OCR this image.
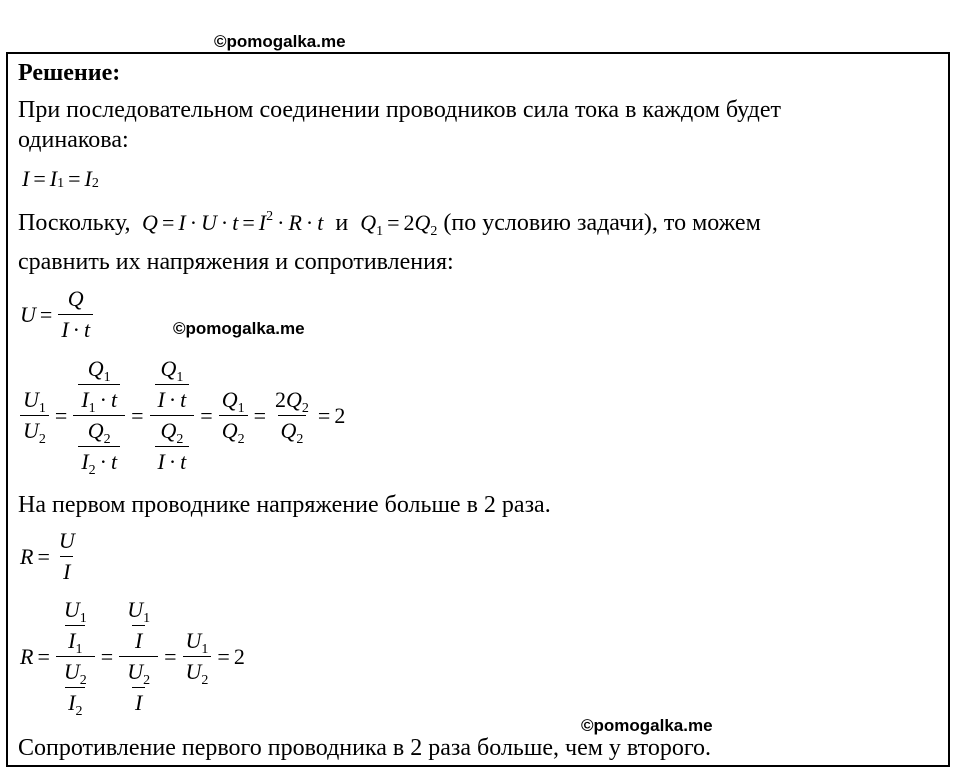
©pomogalka.me
Решение:
При последовательном соединении проводников сила тока в каждом будет
одинакова:
I = I 1 = I 2
Поскольку, $Q = I \cdot U \cdot t = I^2 \cdot R \cdot t$ и $Q_1 = 2Q_2$ (по условию задачи), то можем
сравнить их напряжения и сопротивления:
$U = \frac{Q}{I \cdot t}$	©pomogalka.me
$\frac{U_1}{U_2} = \frac{\frac{Q_1}{I_1 \cdot t}}{\frac{Q_2}{I_2 \cdot t}} = \frac{\frac{Q_1}{I \cdot t}}{\frac{Q_2}{I \cdot t}} = \frac{Q_1}{Q_2} = \frac{2Q_2}{Q_2} = 2$
На первом проводнике напряжение больше в 2 раза.
$R = \frac{U}{I}$
$R = \frac{\frac{U_1}{I_1}}{\frac{U_2}{I_2}} = \frac{\frac{U_1}{I}}{\frac{U_2}{I}} = \frac{U_1}{U_2} = 2$
©pomogalka.me
Сопротивление первого проводника в 2 раза больше, чем у второго.
